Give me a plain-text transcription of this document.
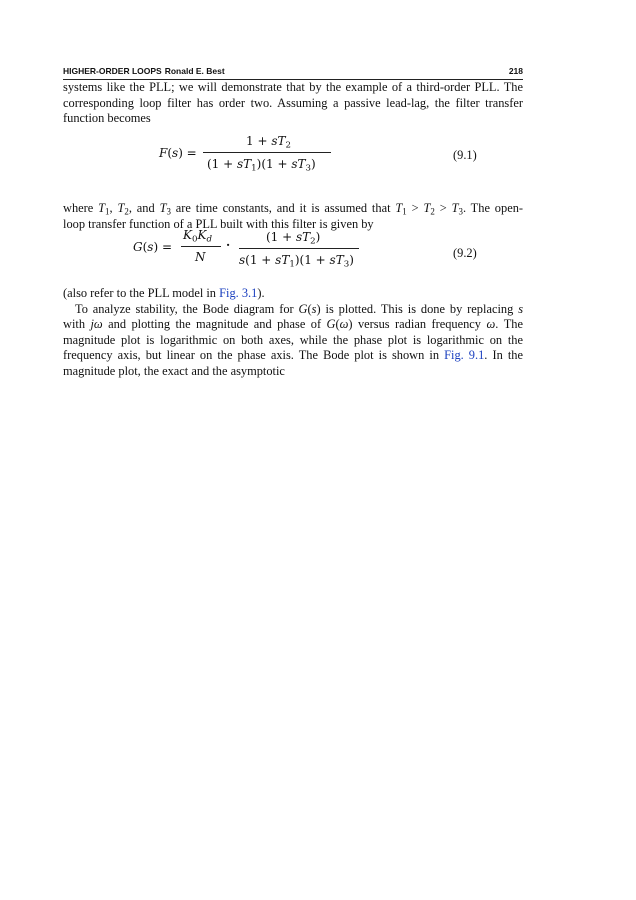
HIGHER-ORDER LOOPS Ronald E. Best	218
systems like the PLL; we will demonstrate that by the example of a third-order PLL. The
corresponding loop filter has order two. Assuming a passive lead-lag, the filter transfer
function becomes
F(s) =
$1 + sT_2$
$(1 + sT_1)(1 + sT_3)$
(9.1)
where $T_1$, $T_2$, and $T_3$ are time constants, and it is assumed that $T_1 > T_2 > T_3$. The open-
loop transfer function of a PLL built with this filter is given by
G(s) =
$K_0K_d$
N
·
$(1 + sT_2)$
$s(1 + sT_1)(1 + sT_3)$	(9.2)
(also refer to the PLL model in Fig. 3.1).
To analyze stability, the Bode diagram for G(s) is plotted. This is done by replacing s
with jω and plotting the magnitude and phase of G(ω) versus radian frequency ω. The
magnitude plot is logarithmic on both axes, while the phase plot is logarithmic on the
frequency axis, but linear on the phase axis. The Bode plot is shown in Fig. 9.1. In the
magnitude plot, the exact and the asymptotic
